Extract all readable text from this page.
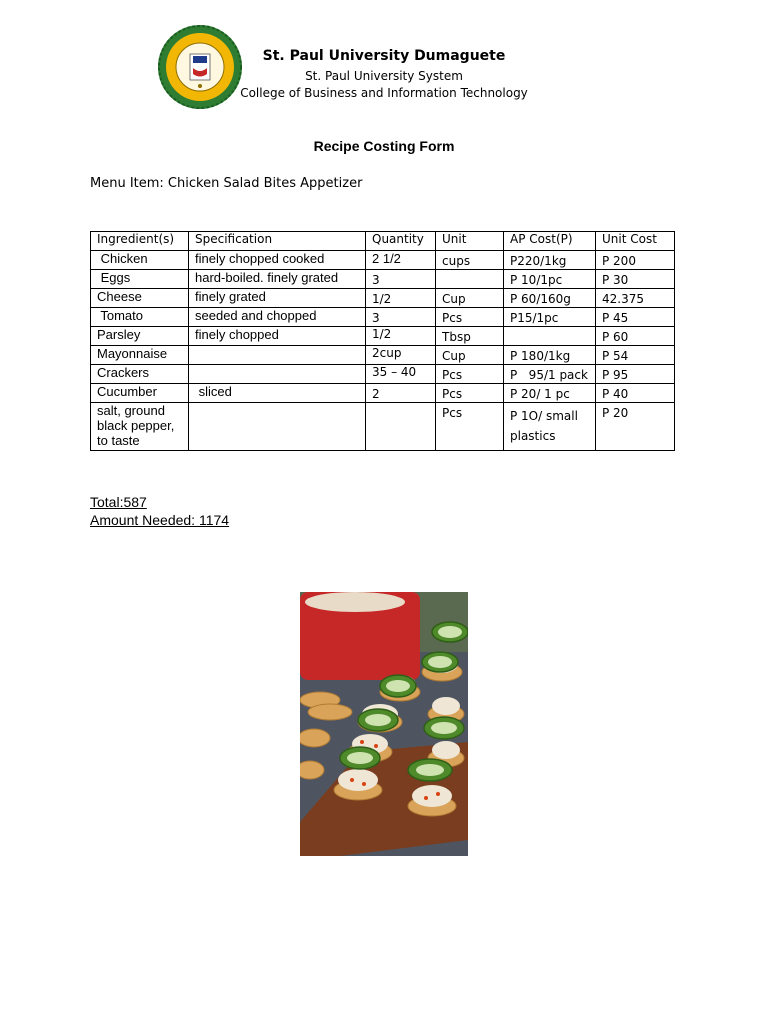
St. Paul University Dumaguete
St. Paul University System
College of Business and Information Technology
Recipe Costing Form
Menu Item: Chicken Salad Bites Appetizer
Ingredient(s)	Specification	Quantity	Unit	AP Cost(P)	Unit Cost
Chicken	finely chopped cooked	2 1/2	cups	P220/1kg	P 200
Eggs	hard-boiled. finely grated	3		P 10/1pc	P 30
Cheese	finely grated	1/2	Cup	P 60/160g	42.375
Tomato	seeded and chopped	3	Pcs	P15/1pc	P 45
Parsley	finely chopped	1/2	Tbsp		P 60
Mayonnaise		2cup	Cup	P 180/1kg	P 54
Crackers		35 – 40	Pcs	P   95/1 pack	P 95
Cucumber	sliced	2	Pcs	P 20/ 1 pc	P 40
salt, ground black pepper, to taste			Pcs	P 1O/ small plastics	P 20
Total:587
Amount Needed: 1174
